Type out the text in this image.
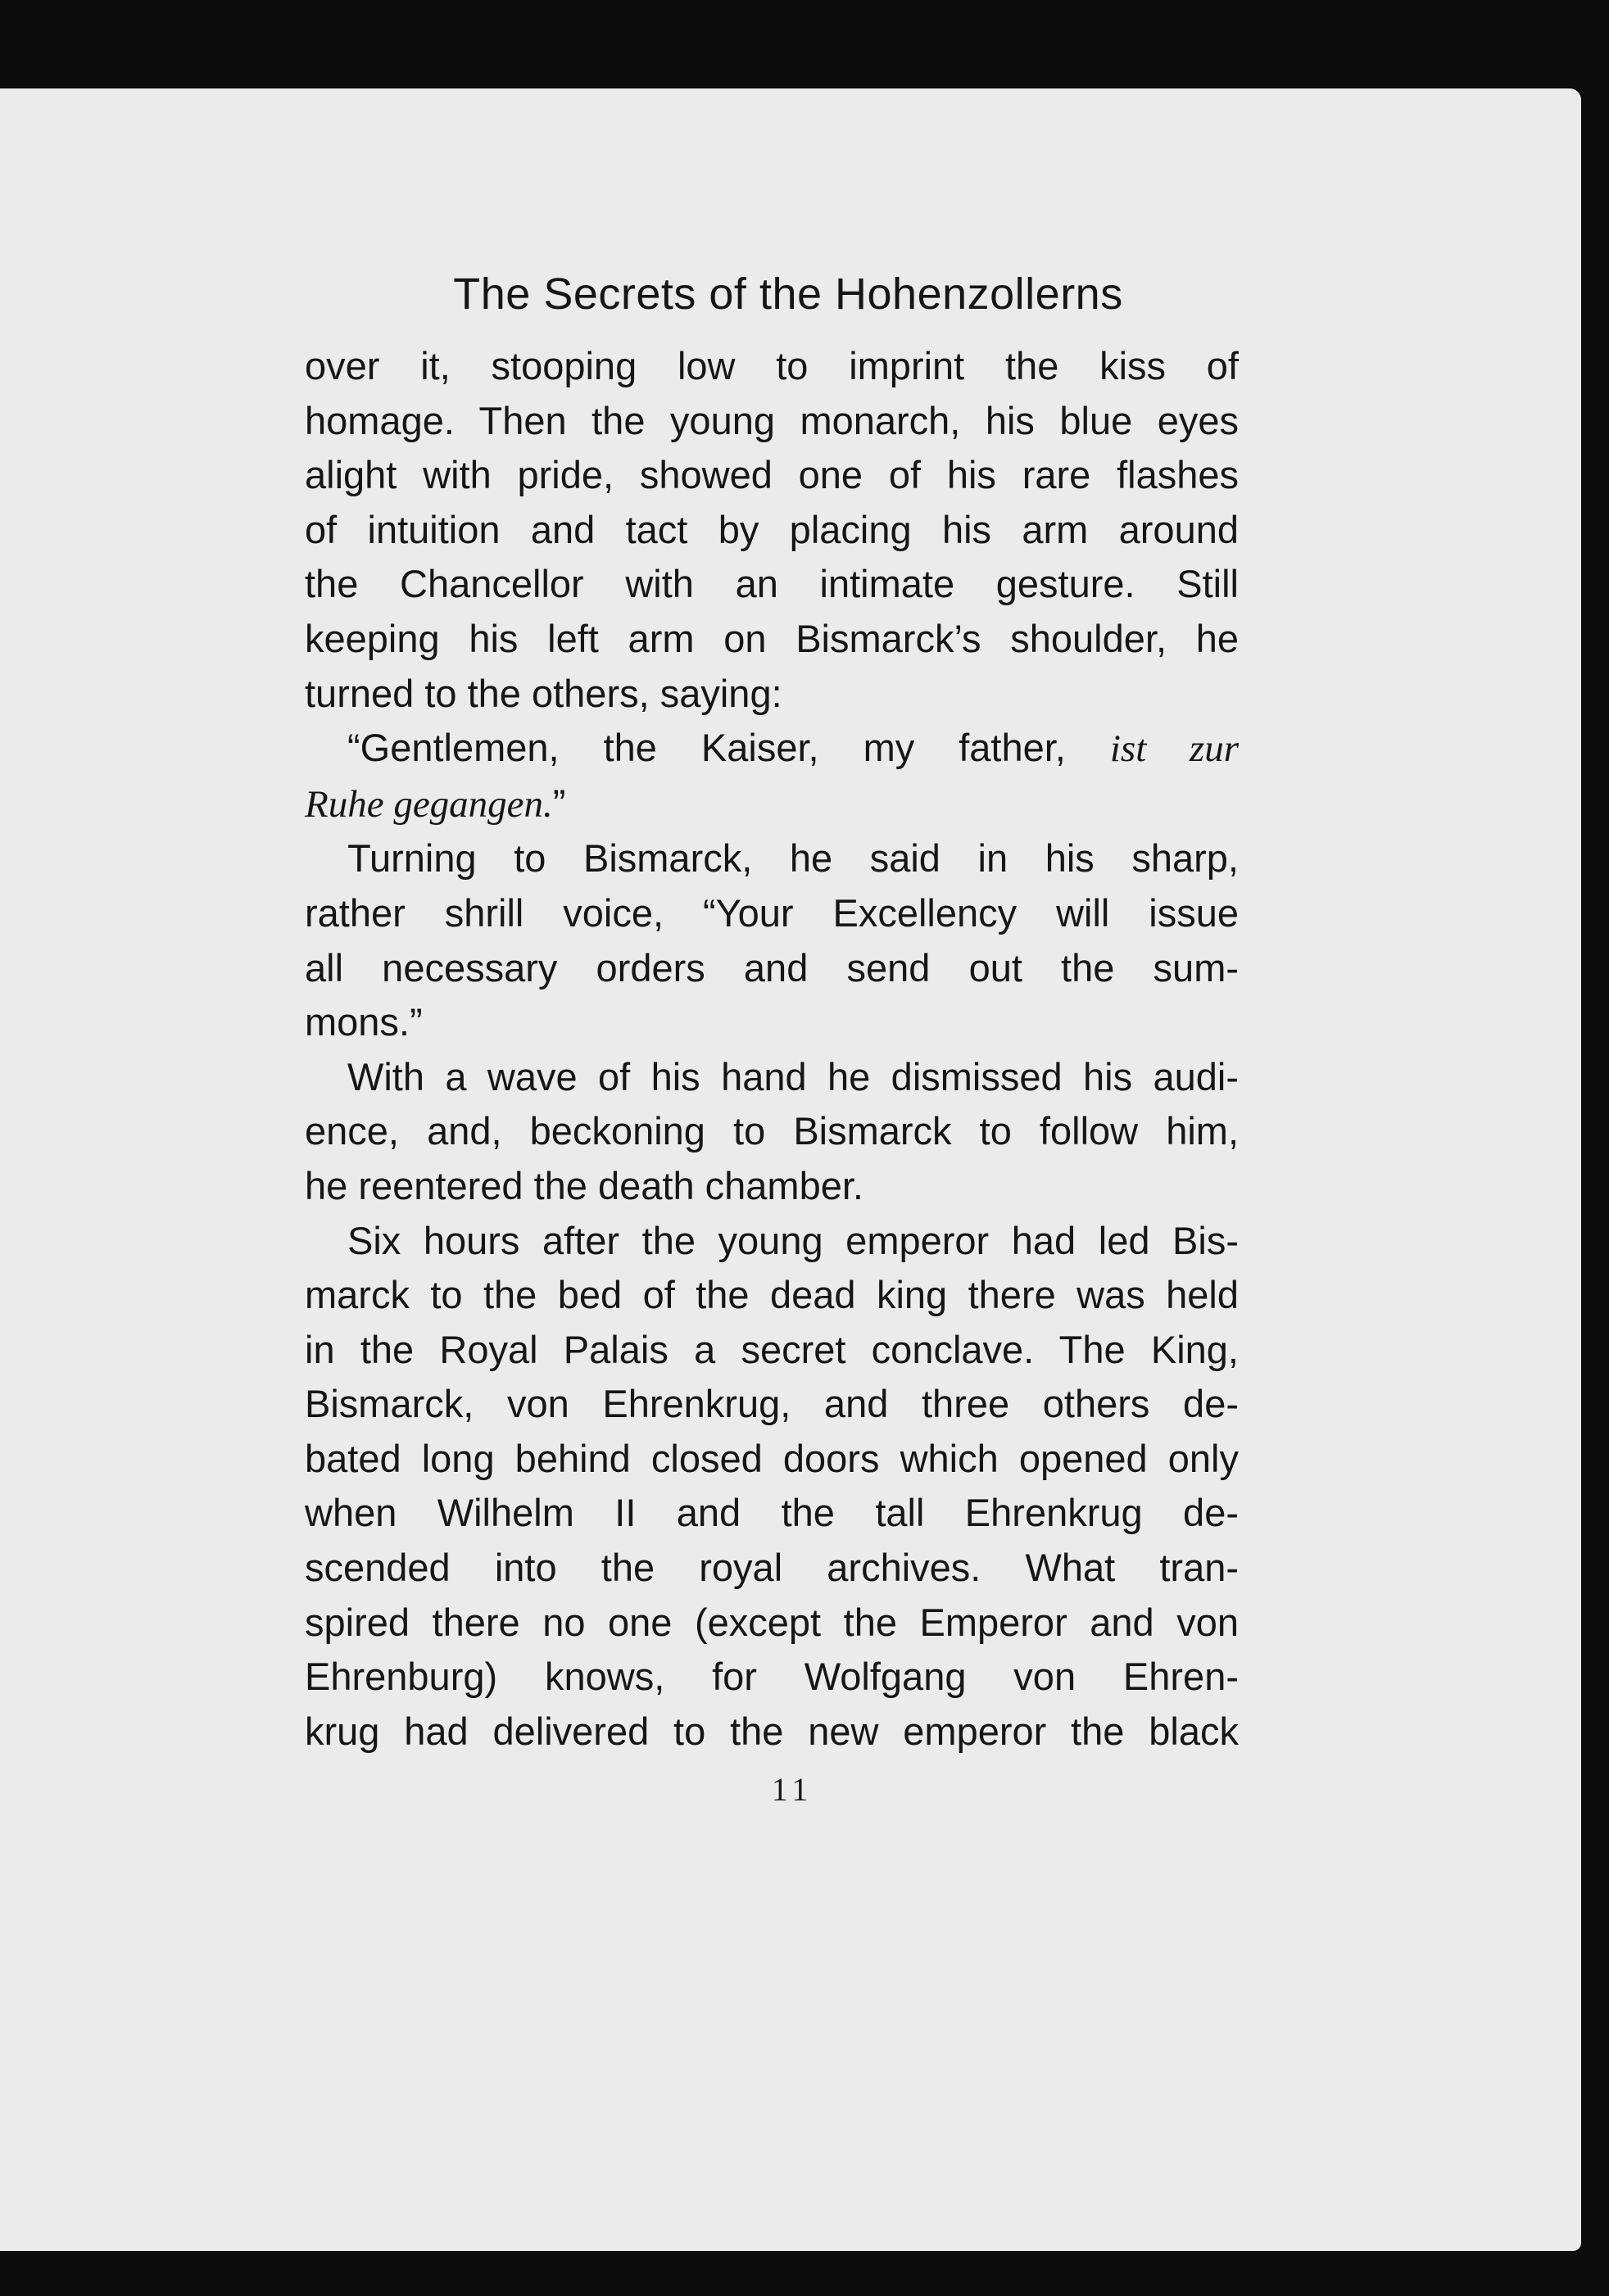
The Secrets of the Hohenzollerns
over it, stooping low to imprint the kiss of
homage. Then the young monarch, his blue eyes
alight with pride, showed one of his rare flashes
of intuition and tact by placing his arm around
the Chancellor with an intimate gesture. Still
keeping his left arm on Bismarck’s shoulder, he
turned to the others, saying:
“Gentlemen, the Kaiser, my father, ist zur
Ruhe gegangen.”
Turning to Bismarck, he said in his sharp,
rather shrill voice, “Your Excellency will issue
all necessary orders and send out the sum-
mons.”
With a wave of his hand he dismissed his audi-
ence, and, beckoning to Bismarck to follow him,
he reentered the death chamber.
Six hours after the young emperor had led Bis-
marck to the bed of the dead king there was held
in the Royal Palais a secret conclave. The King,
Bismarck, von Ehrenkrug, and three others de-
bated long behind closed doors which opened only
when Wilhelm II and the tall Ehrenkrug de-
scended into the royal archives. What tran-
spired there no one (except the Emperor and von
Ehrenburg) knows, for Wolfgang von Ehren-
krug had delivered to the new emperor the black
11
